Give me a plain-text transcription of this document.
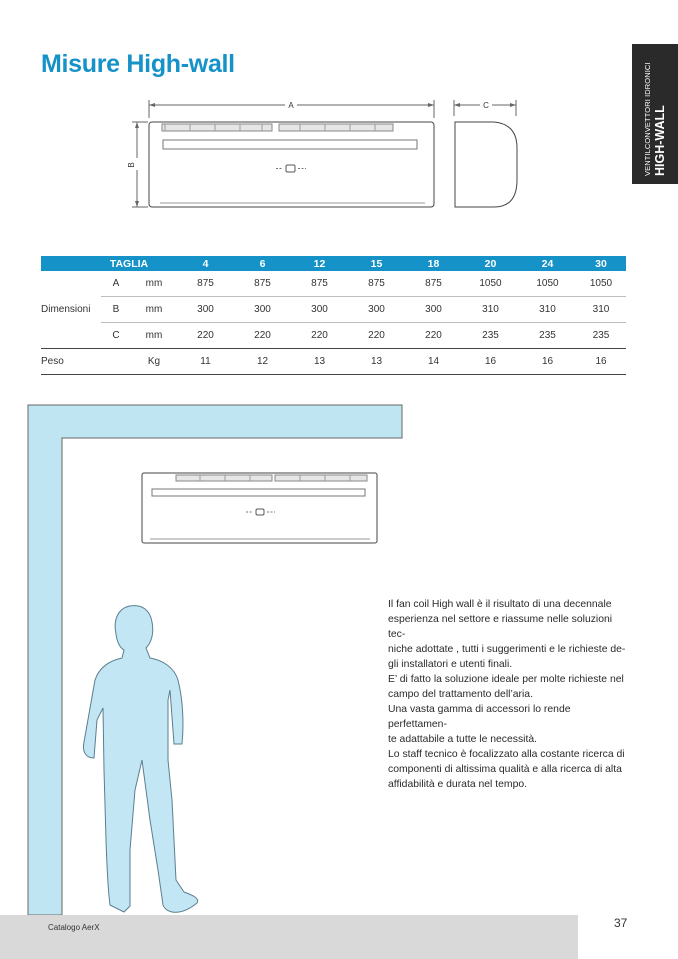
Misure High-wall	VENTILCONVETTORI IDRONICI HIGH-WALL
A	C
B
TAGLIA			4	6	12	15	18	20	24	30
Dimensioni	A	mm	875	875	875	875	875	1050	1050	1050
	B	mm	300	300	300	300	300	310	310	310
	C	mm	220	220	220	220	220	235	235	235
Peso		Kg	11	12	13	13	14	16	16	16

Il fan coil High wall è il risultato di una decennale
esperienza nel settore e riassume nelle soluzioni tec-
niche adottate , tutti i suggerimenti e le richieste de-
gli installatori e utenti finali.

E’ di fatto la soluzione ideale per molte richieste nel
campo del trattamento dell’aria.

Una vasta gamma di accessori lo rende perfettamen-
te adattabile a tutte le necessità.

Lo staff tecnico è focalizzato alla costante ricerca di
componenti di altissima qualità e alla ricerca di alta
affidabilità e durata nel tempo.

Catalogo AerX	37
